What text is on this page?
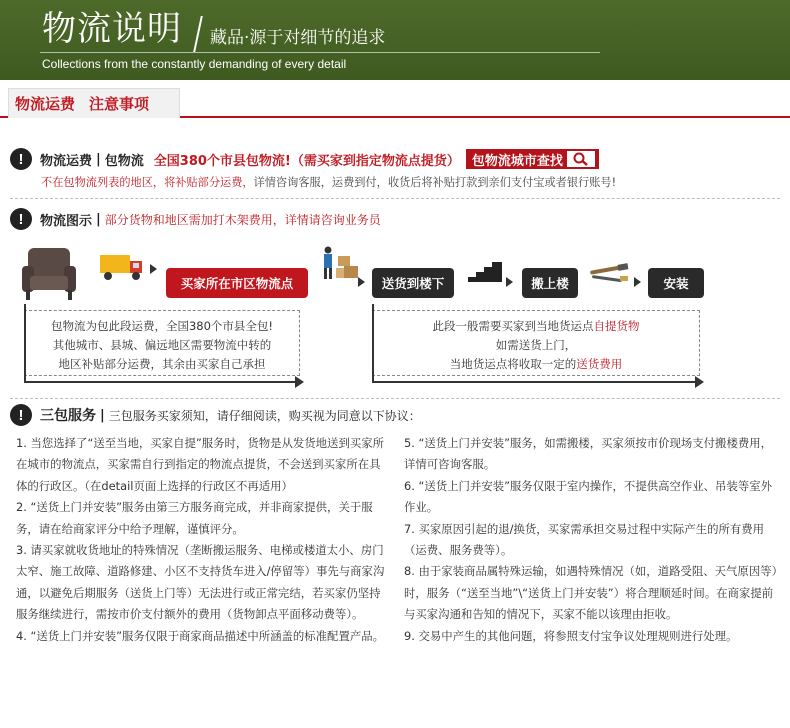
物流说明 藏品·源于对细节的追求
Collections from the constantly demanding of every detail
物流运费 注意事项
!	物流运费 | 包物流 全国380个市县包物流!（需买家到指定物流点提货） 包物流城市查找
不在包物流列表的地区，将补贴部分运费，详情咨询客服，运费到付，收货后将补贴打款到亲们支付宝或者银行账号!
!	物流图示 | 部分货物和地区需加打木架费用，详情请咨询业务员
买家所在市区物流点	送货到楼下	搬上楼	安装
包物流为包此段运费，全国380个市县全包!
其他城市、县城、偏远地区需要物流中转的
地区补贴部分运费，其余由买家自己承担
此段一般需要买家到当地货运点自提货物
如需送货上门，
当地货运点将收取一定的送货费用
!	三包服务 | 三包服务买家须知，请仔细阅读，购买视为同意以下协议：

1. 当您选择了“送至当地，买家自提”服务时，货物是从发货地送到买家所在城市的物流点，买家需自行到指定的物流点提货，不会送到买家所在具体的行政区。（在detail页面上选择的行政区不再适用）

2. “送货上门并安装”服务由第三方服务商完成，并非商家提供，关于服务，请在给商家评分中给予理解，谨慎评分。

3. 请买家就收货地址的特殊情况（垄断搬运服务、电梯或楼道太小、房门太窄、施工故障、道路修建、小区不支持货车进入/停留等）事先与商家沟通，以避免后期服务（送货上门等）无法进行或正常完结，若买家仍坚持服务继续进行，需按市价支付额外的费用（货物卸点平面移动费等）。

4. “送货上门并安装”服务仅限于商家商品描述中所涵盖的标准配置产品。

5. “送货上门并安装”服务，如需搬楼，买家须按市价现场支付搬楼费用，详情可咨询客服。

6. “送货上门并安装”服务仅限于室内操作，不提供高空作业、吊装等室外作业。

7. 买家原因引起的退/换货，买家需承担交易过程中实际产生的所有费用（运费、服务费等）。

8. 由于家装商品属特殊运输，如遇特殊情况（如，道路受阻、天气原因等）时，服务（“送至当地”\“送货上门并安装”）将合理顺延时间。在商家提前与买家沟通和告知的情况下，买家不能以该理由拒收。

9. 交易中产生的其他问题，将参照支付宝争议处理规则进行处理。
